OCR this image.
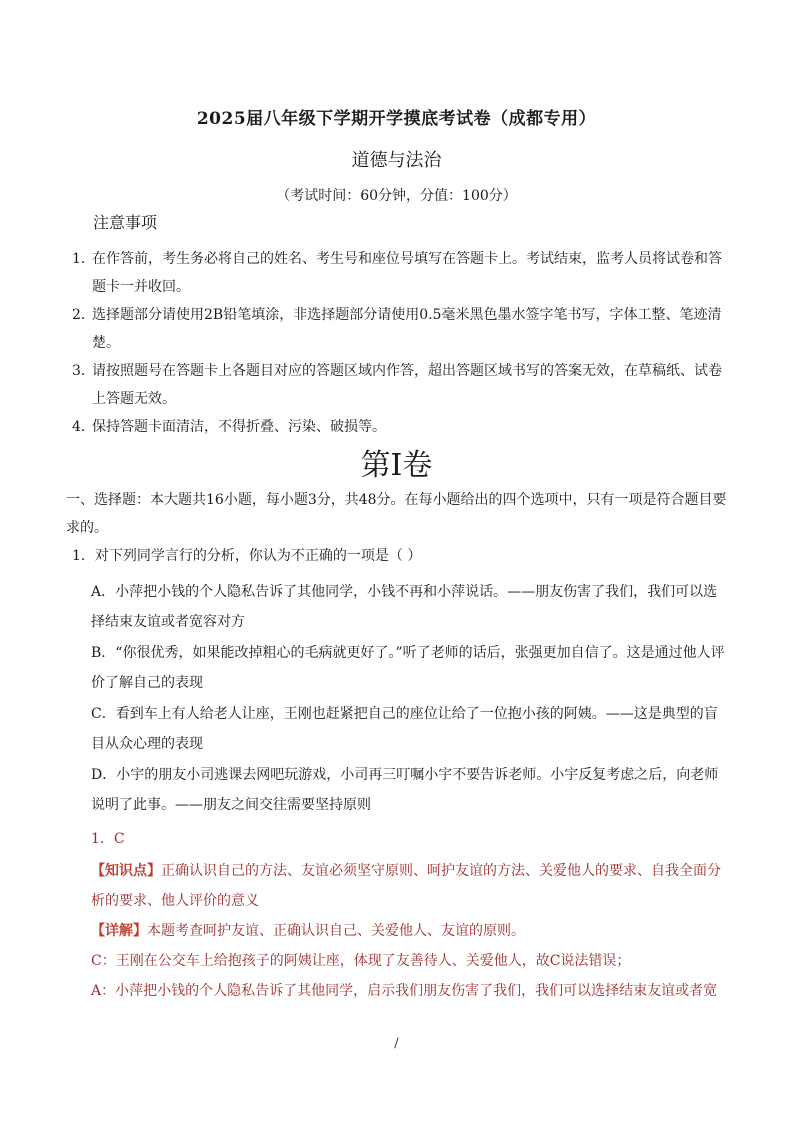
2025届八年级下学期开学摸底考试卷（成都专用）
道德与法治
（考试时间：60分钟，分值：100分）
注意事项
1．
在作答前，考生务必将自己的姓名、考生号和座位号填写在答题卡上。考试结束，监考人员将试卷和答题卡一并收回。
2．
选择题部分请使用2B铅笔填涂，非选择题部分请使用0.5毫米黑色墨水签字笔书写，字体工整、笔迹清楚。
3．
请按照题号在答题卡上各题目对应的答题区域内作答，超出答题区域书写的答案无效，在草稿纸、试卷上答题无效。
4．
保持答题卡面清洁，不得折叠、污染、破损等。
第Ⅰ卷
一、选择题：本大题共16小题，每小题3分，共48分。在每小题给出的四个选项中，只有一项是符合题目要求的。
1．对下列同学言行的分析，你认为不正确的一项是（ ）
A．小萍把小钱的个人隐私告诉了其他同学，小钱不再和小萍说话。——朋友伤害了我们，我们可以选择结束友谊或者宽容对方
B．“你很优秀，如果能改掉粗心的毛病就更好了。”听了老师的话后，张强更加自信了。这是通过他人评价了解自己的表现
C．看到车上有人给老人让座，王刚也赶紧把自己的座位让给了一位抱小孩的阿姨。——这是典型的盲目从众心理的表现
D．小宇的朋友小司逃课去网吧玩游戏，小司再三叮嘱小宇不要告诉老师。小宇反复考虑之后，向老师说明了此事。——朋友之间交往需要坚持原则
1．C
【知识点】正确认识自己的方法、友谊必须坚守原则、呵护友谊的方法、关爱他人的要求、自我全面分析的要求、他人评价的意义
【详解】本题考查呵护友谊、正确认识自己、关爱他人、友谊的原则。
C：王刚在公交车上给抱孩子的阿姨让座，体现了友善待人、关爱他人，故C说法错误；
A：小萍把小钱的个人隐私告诉了其他同学，启示我们朋友伤害了我们，我们可以选择结束友谊或者宽
/
